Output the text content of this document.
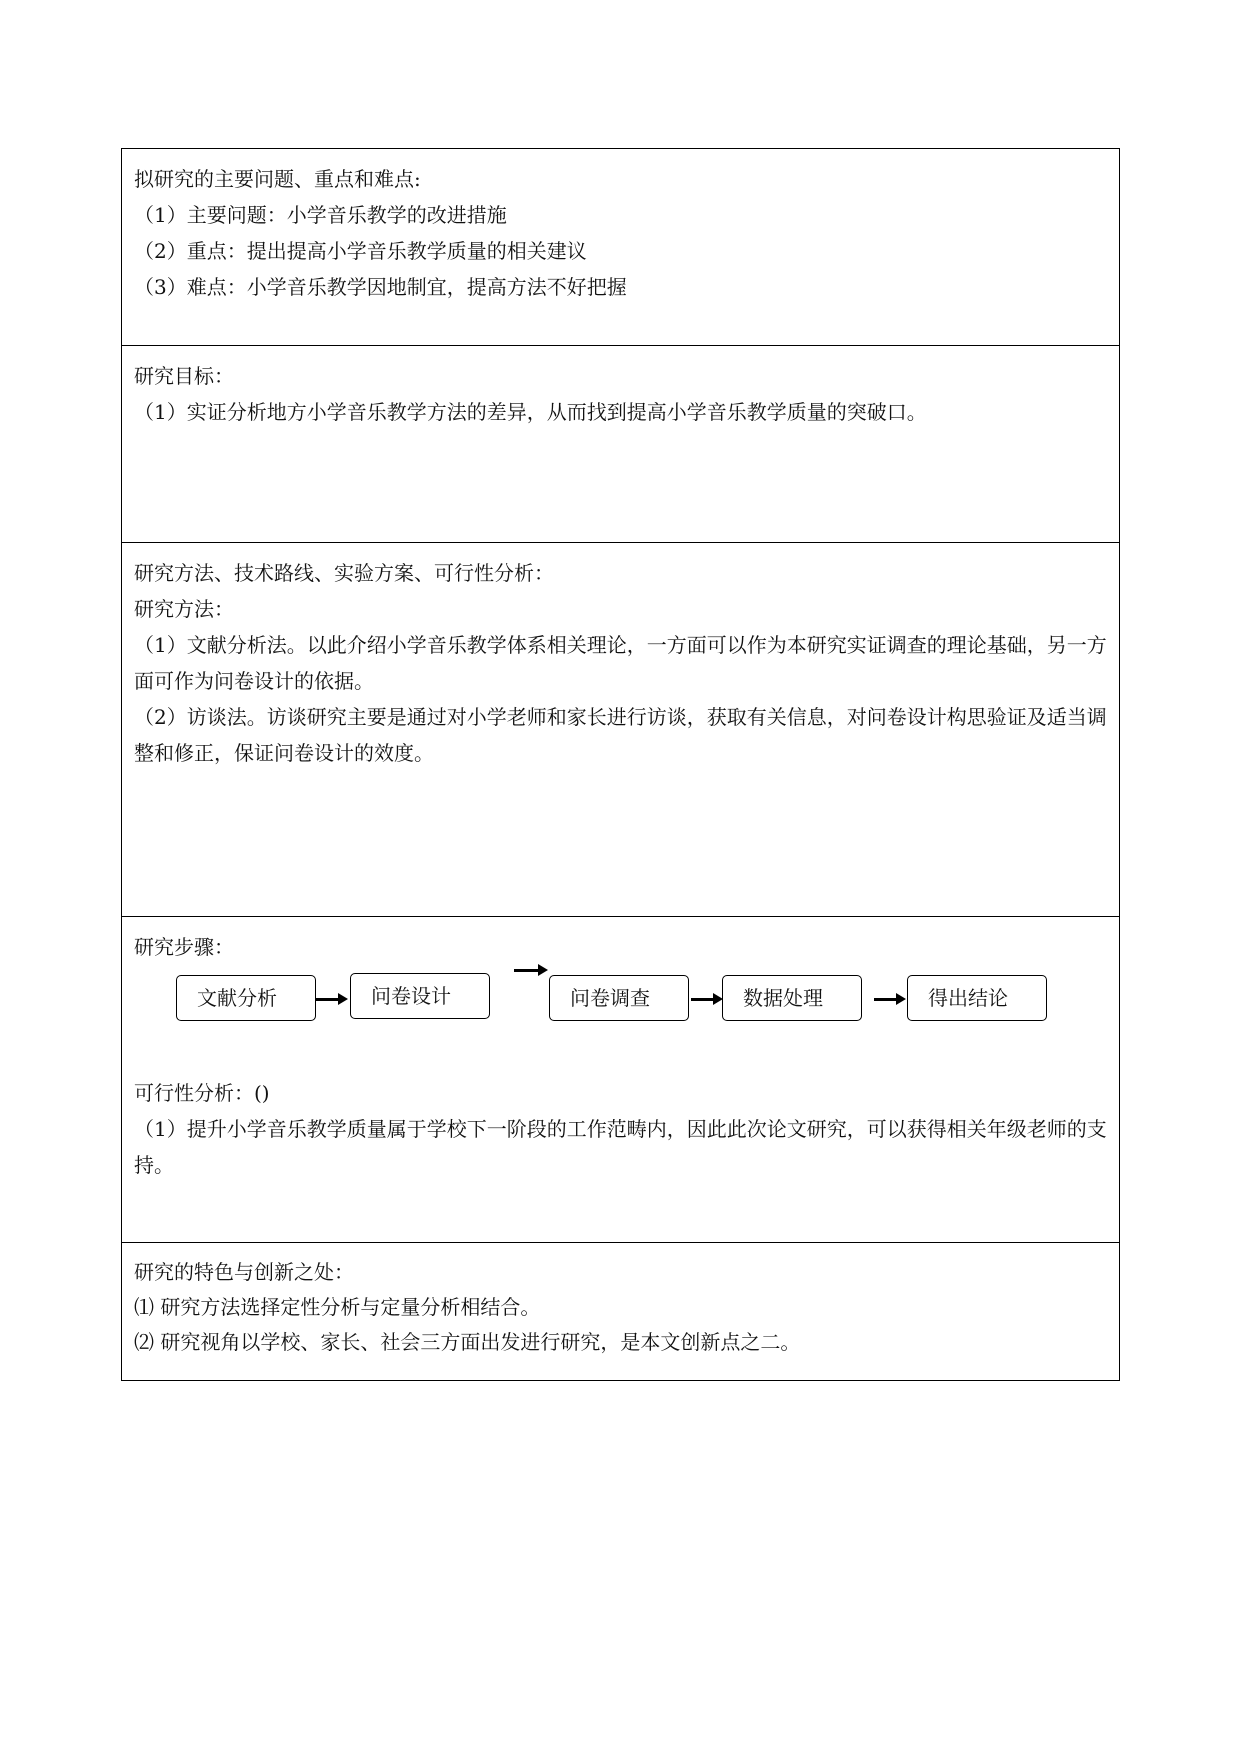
拟研究的主要问题、重点和难点:
（1）主要问题：小学音乐教学的改进措施
（2）重点：提出提高小学音乐教学质量的相关建议
（3）难点：小学音乐教学因地制宜，提高方法不好把握
研究目标：
（1）实证分析地方小学音乐教学方法的差异，从而找到提高小学音乐教学质量的突破口。
研究方法、技术路线、实验方案、可行性分析：
研究方法：
（1）文献分析法。以此介绍小学音乐教学体系相关理论，一方面可以作为本研究实证调查的理论基础，另一方面可作为问卷设计的依据。
（2）访谈法。访谈研究主要是通过对小学老师和家长进行访谈，获取有关信息，对问卷设计构思验证及适当调整和修正，保证问卷设计的效度。
研究步骤：
文献分析	问卷设计	问卷调查	数据处理	得出结论
可行性分析：()
（1）提升小学音乐教学质量属于学校下一阶段的工作范畴内，因此此次论文研究，可以获得相关年级老师的支持。
研究的特色与创新之处：
⑴ 研究方法选择定性分析与定量分析相结合。
⑵ 研究视角以学校、家长、社会三方面出发进行研究，是本文创新点之二。
